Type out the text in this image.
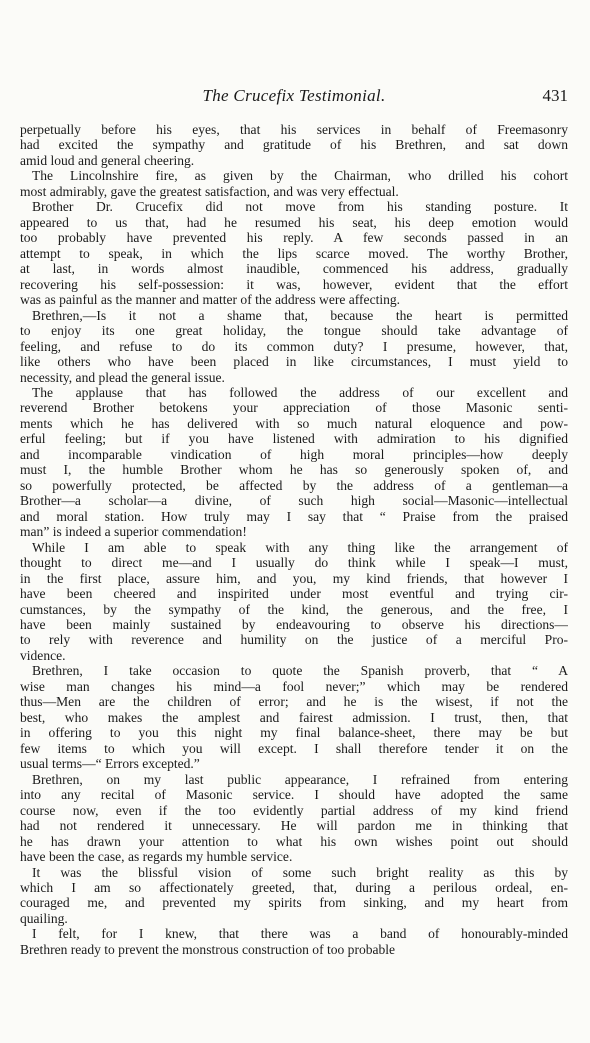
The Crucefix Testimonial.	431

perpetually before his eyes, that his services in behalf of Freemasonry
had excited the sympathy and gratitude of his Brethren, and sat down
amid loud and general cheering.

The Lincolnshire fire, as given by the Chairman, who drilled his cohort
most admirably, gave the greatest satisfaction, and was very effectual.

Brother Dr. Crucefix did not move from his standing posture. It
appeared to us that, had he resumed his seat, his deep emotion would
too probably have prevented his reply. A few seconds passed in an
attempt to speak, in which the lips scarce moved. The worthy Brother,
at last, in words almost inaudible, commenced his address, gradually
recovering his self-possession: it was, however, evident that the effort
was as painful as the manner and matter of the address were affecting.

Brethren,—Is it not a shame that, because the heart is permitted
to enjoy its one great holiday, the tongue should take advantage of
feeling, and refuse to do its common duty? I presume, however, that,
like others who have been placed in like circumstances, I must yield to
necessity, and plead the general issue.

The applause that has followed the address of our excellent and
reverend Brother betokens your appreciation of those Masonic senti-
ments which he has delivered with so much natural eloquence and pow-
erful feeling; but if you have listened with admiration to his dignified
and incomparable vindication of high moral principles—how deeply
must I, the humble Brother whom he has so generously spoken of, and
so powerfully protected, be affected by the address of a gentleman—a
Brother—a scholar—a divine, of such high social—Masonic—intellectual
and moral station. How truly may I say that “ Praise from the praised
man” is indeed a superior commendation!

While I am able to speak with any thing like the arrangement of
thought to direct me—and I usually do think while I speak—I must,
in the first place, assure him, and you, my kind friends, that however I
have been cheered and inspirited under most eventful and trying cir-
cumstances, by the sympathy of the kind, the generous, and the free, I
have been mainly sustained by endeavouring to observe his directions—
to rely with reverence and humility on the justice of a merciful Pro-
vidence.

Brethren, I take occasion to quote the Spanish proverb, that “ A
wise man changes his mind—a fool never;” which may be rendered
thus—Men are the children of error; and he is the wisest, if not the
best, who makes the amplest and fairest admission. I trust, then, that
in offering to you this night my final balance-sheet, there may be but
few items to which you will except. I shall therefore tender it on the
usual terms—“ Errors excepted.”

Brethren, on my last public appearance, I refrained from entering
into any recital of Masonic service. I should have adopted the same
course now, even if the too evidently partial address of my kind friend
had not rendered it unnecessary. He will pardon me in thinking that
he has drawn your attention to what his own wishes point out should
have been the case, as regards my humble service.

It was the blissful vision of some such bright reality as this by
which I am so affectionately greeted, that, during a perilous ordeal, en-
couraged me, and prevented my spirits from sinking, and my heart from
quailing.

I felt, for I knew, that there was a band of honourably-minded
Brethren ready to prevent the monstrous construction of too probable
